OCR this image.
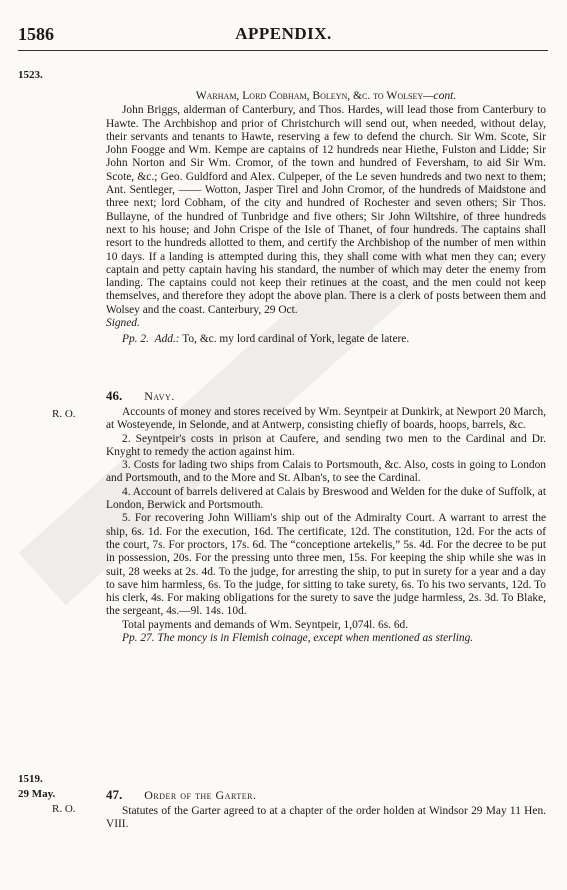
1586	APPENDIX.
1523.
Warham, Lord Cobham, Boleyn, &c. to Wolsey—cont.

John Briggs, alderman of Canterbury, and Thos. Hardes, will lead those from Canterbury to Hawte. The Archbishop and prior of Christchurch will send out, when needed, without delay, their servants and tenants to Hawte, reserving a few to defend the church. Sir Wm. Scote, Sir John Foogge and Wm. Kempe are captains of 12 hundreds near Hiethe, Fulston and Lidde; Sir John Norton and Sir Wm. Cromor, of the town and hundred of Feversham, to aid Sir Wm. Scote, &c.; Geo. Guldford and Alex. Culpeper, of the Le seven hundreds and two next to them; Ant. Sentleger, —— Wotton, Jasper Tirel and John Cromor, of the hundreds of Maidstone and three next; lord Cobham, of the city and hundred of Rochester and seven others; Sir Thos. Bullayne, of the hundred of Tunbridge and five others; Sir John Wiltshire, of three hundreds next to his house; and John Crispe of the Isle of Thanet, of four hundreds. The captains shall resort to the hundreds allotted to them, and certify the Archbishop of the number of men within 10 days. If a landing is attempted during this, they shall come with what men they can; every captain and petty captain having his standard, the number of which may deter the enemy from landing. The captains could not keep their retinues at the coast, and the men could not keep themselves, and therefore they adopt the above plan. There is a clerk of posts between them and Wolsey and the coast. Canterbury, 29 Oct.

Signed.

Pp. 2. Add.: To, &c. my lord cardinal of York, legate de latere.

46. Navy.
R. O.	Accounts of money and stores received by Wm. Seyntpeir at Dunkirk, at Newport 20 March, at Wosteyende, in Selonde, and at Antwerp, consisting chiefly of boards, hoops, barrels, &c.

2. Seyntpeir's costs in prison at Caufere, and sending two men to the Cardinal and Dr. Knyght to remedy the action against him.

3. Costs for lading two ships from Calais to Portsmouth, &c. Also, costs in going to London and Portsmouth, and to the More and St. Alban's, to see the Cardinal.

4. Account of barrels delivered at Calais by Breswood and Welden for the duke of Suffolk, at London, Berwick and Portsmouth.

5. For recovering John William's ship out of the Admiralty Court. A warrant to arrest the ship, 6s. 1d. For the execution, 16d. The certificate, 12d. The constitution, 12d. For the acts of the court, 7s. For proctors, 17s. 6d. The “conceptione artekelis,” 5s. 4d. For the decree to be put in possession, 20s. For the pressing unto three men, 15s. For keeping the ship while she was in suit, 28 weeks at 2s. 4d. To the judge, for arresting the ship, to put in surety for a year and a day to save him harmless, 6s. To the judge, for sitting to take surety, 6s. To his two servants, 12d. To his clerk, 4s. For making obligations for the surety to save the judge harmless, 2s. 3d. To Blake, the sergeant, 4s.—9l. 14s. 10d.

Total payments and demands of Wm. Seyntpeir, 1,074l. 6s. 6d.

Pp. 27. The moncy is in Flemish coinage, except when mentioned as sterling.

1519.
29 May.
R. O.
47. Order of the Garter.

Statutes of the Garter agreed to at a chapter of the order holden at Windsor 29 May 11 Hen. VIII.
